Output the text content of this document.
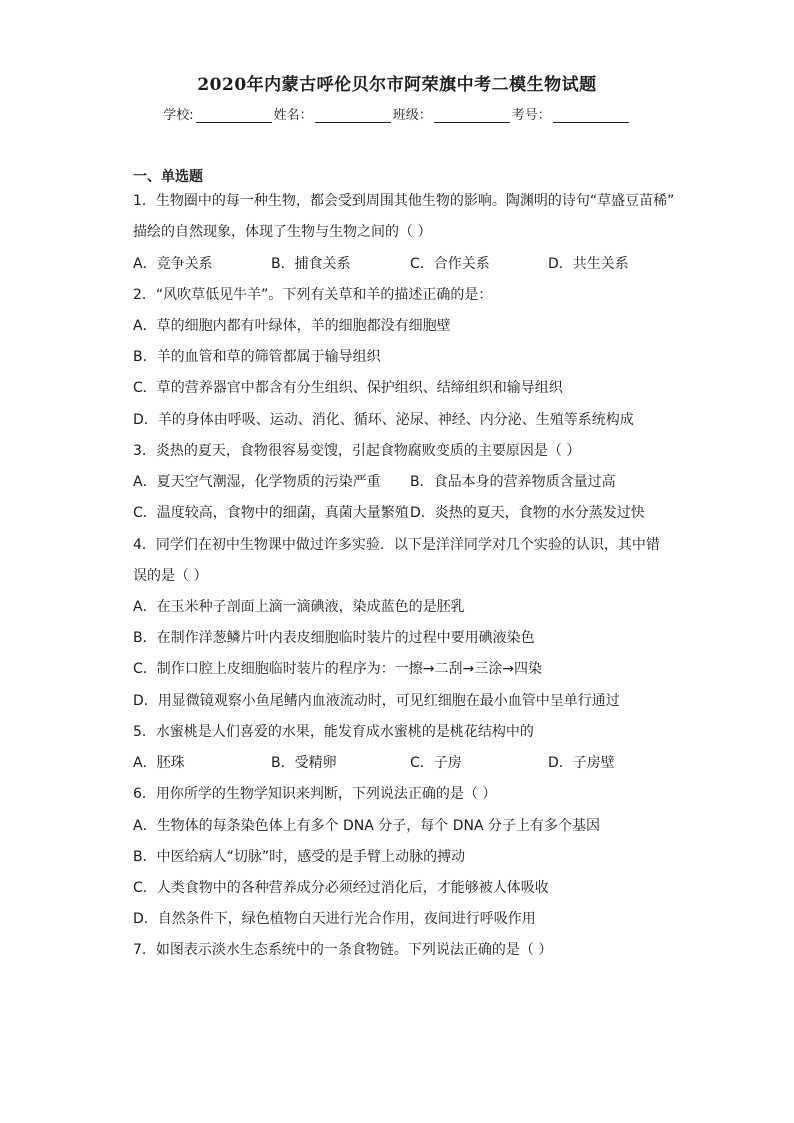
2020年内蒙古呼伦贝尔市阿荣旗中考二模生物试题
学校:	姓名：	班级：	考号：
一、单选题
1．生物圈中的每一种生物，都会受到周围其他生物的影响。陶渊明的诗句“草盛豆苗稀”
描绘的自然现象，体现了生物与生物之间的（ ）
A．竞争关系	B．捕食关系	C．合作关系	D．共生关系
2．“风吹草低见牛羊”。下列有关草和羊的描述正确的是：
A．草的细胞内都有叶绿体，羊的细胞都没有细胞壁
B．羊的血管和草的筛管都属于输导组织
C．草的营养器官中都含有分生组织、保护组织、结缔组织和输导组织
D．羊的身体由呼吸、运动、消化、循环、泌尿、神经、内分泌、生殖等系统构成
3．炎热的夏天，食物很容易变馊，引起食物腐败变质的主要原因是（ ）
A．夏天空气潮湿，化学物质的污染严重 B．食品本身的营养物质含量过高
C．温度较高，食物中的细菌，真菌大量繁殖 D．炎热的夏天，食物的水分蒸发过快
4．同学们在初中生物课中做过许多实验．以下是洋洋同学对几个实验的认识，其中错
误的是（ ）
A．在玉米种子剖面上滴一滴碘液，染成蓝色的是胚乳
B．在制作洋葱鳞片叶内表皮细胞临时装片的过程中要用碘液染色
C．制作口腔上皮细胞临时装片的程序为：一擦→二刮→三涂→四染
D．用显微镜观察小鱼尾鳍内血液流动时，可见红细胞在最小血管中呈单行通过
5．水蜜桃是人们喜爱的水果，能发育成水蜜桃的是桃花结构中的
A．胚珠	B．受精卵	C．子房	D．子房壁
6．用你所学的生物学知识来判断，下列说法正确的是（ ）
A．生物体的每条染色体上有多个 DNA 分子，每个 DNA 分子上有多个基因
B．中医给病人“切脉”时，感受的是手臂上动脉的搏动
C．人类食物中的各种营养成分必须经过消化后，才能够被人体吸收
D．自然条件下，绿色植物白天进行光合作用，夜间进行呼吸作用
7．如图表示淡水生态系统中的一条食物链。下列说法正确的是（ ）
